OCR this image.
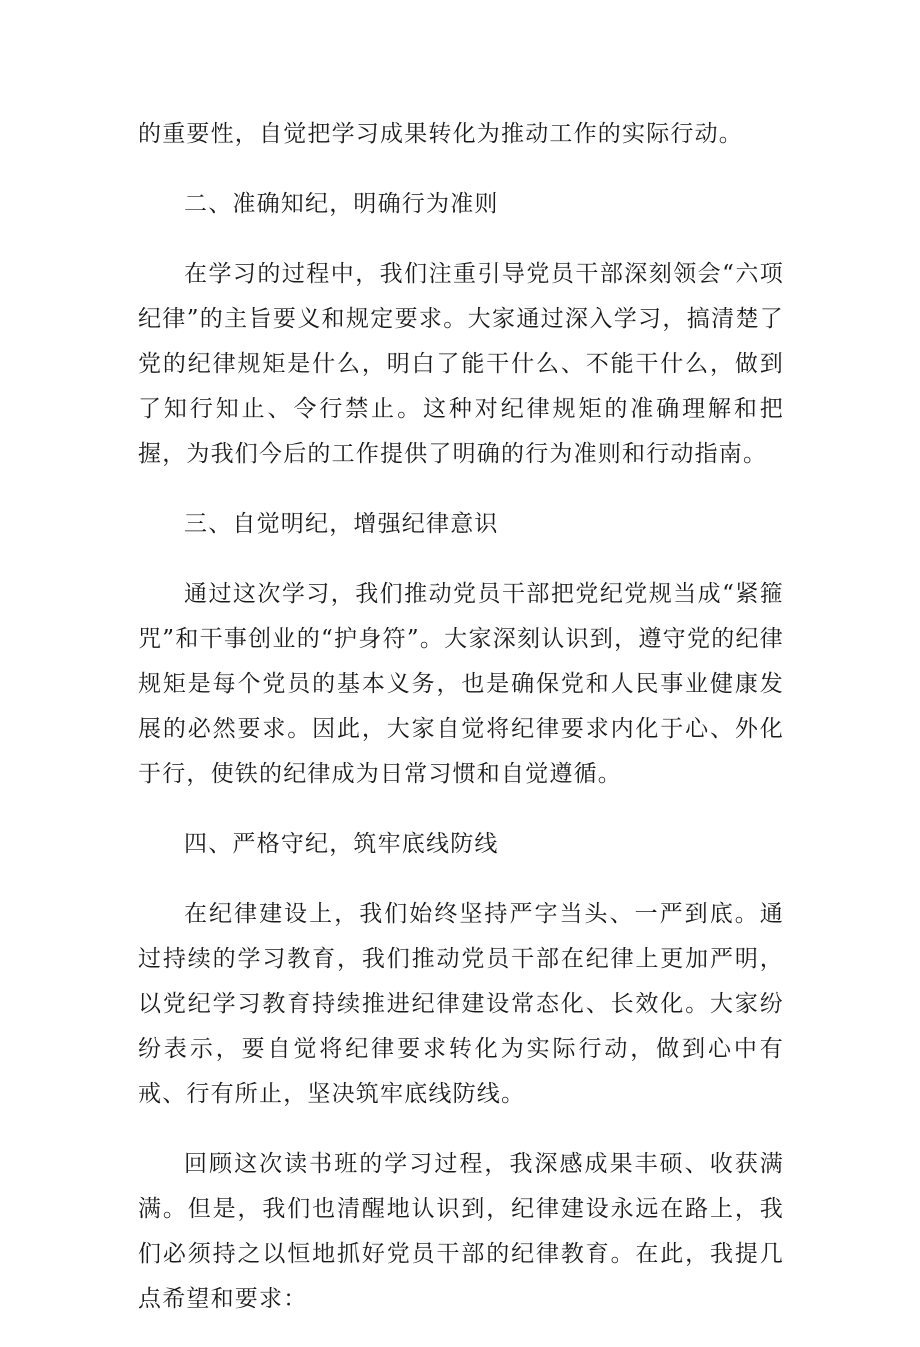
的重要性，自觉把学习成果转化为推动工作的实际行动。

二、准确知纪，明确行为准则

在学习的过程中，我们注重引导党员干部深刻领会“六项纪律”的主旨要义和规定要求。大家通过深入学习，搞清楚了党的纪律规矩是什么，明白了能干什么、不能干什么，做到了知行知止、令行禁止。这种对纪律规矩的准确理解和把握，为我们今后的工作提供了明确的行为准则和行动指南。

三、自觉明纪，增强纪律意识

通过这次学习，我们推动党员干部把党纪党规当成“紧箍咒”和干事创业的“护身符”。大家深刻认识到，遵守党的纪律规矩是每个党员的基本义务，也是确保党和人民事业健康发展的必然要求。因此，大家自觉将纪律要求内化于心、外化于行，使铁的纪律成为日常习惯和自觉遵循。

四、严格守纪，筑牢底线防线

在纪律建设上，我们始终坚持严字当头、一严到底。通过持续的学习教育，我们推动党员干部在纪律上更加严明，以党纪学习教育持续推进纪律建设常态化、长效化。大家纷纷表示，要自觉将纪律要求转化为实际行动，做到心中有戒、行有所止，坚决筑牢底线防线。

回顾这次读书班的学习过程，我深感成果丰硕、收获满满。但是，我们也清醒地认识到，纪律建设永远在路上，我们必须持之以恒地抓好党员干部的纪律教育。在此，我提几点希望和要求：
